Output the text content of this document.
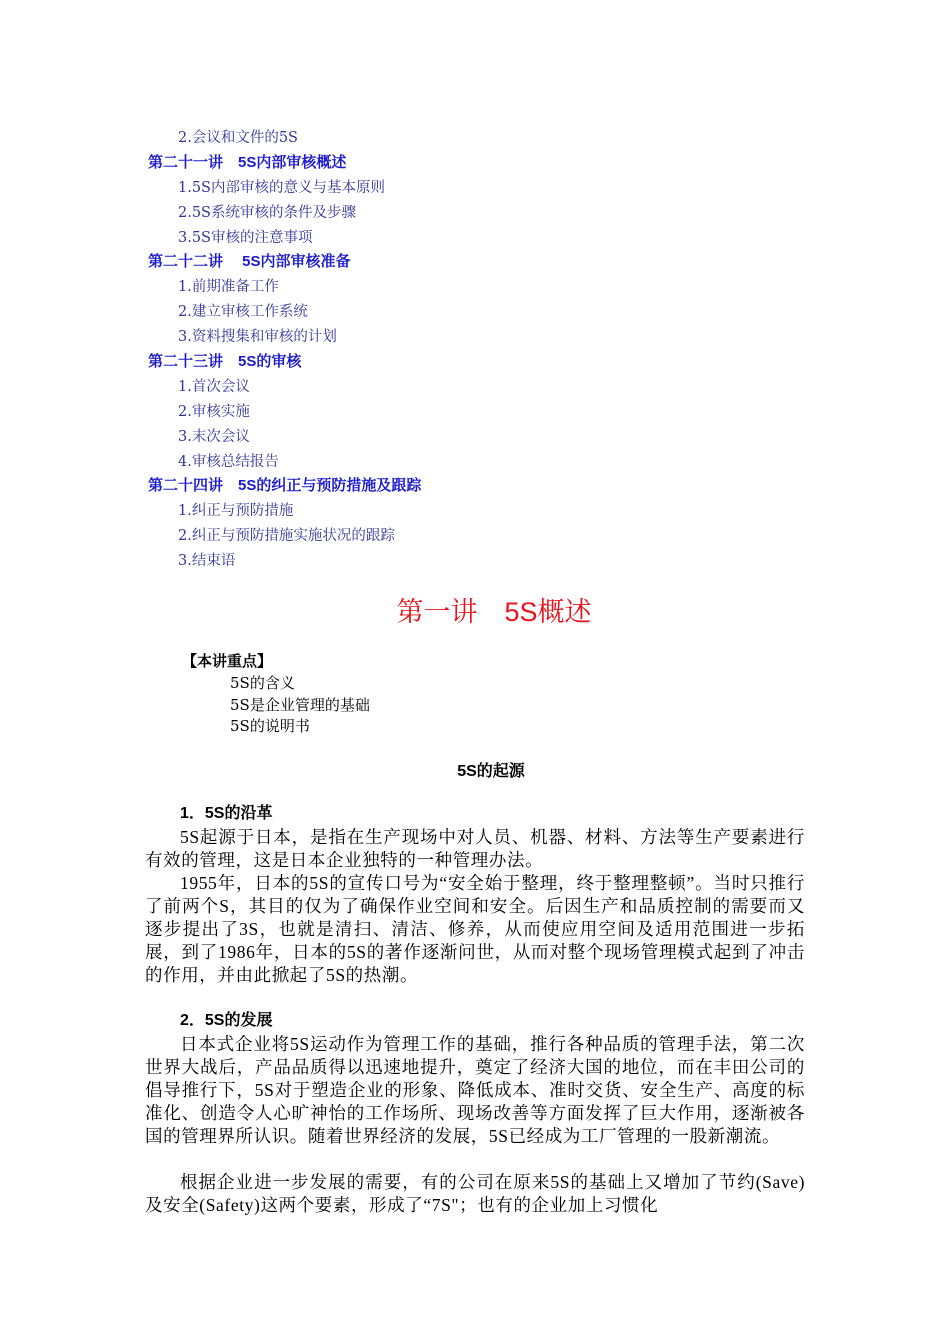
2.会议和文件的5S
第二十一讲　5S内部审核概述
1.5S内部审核的意义与基本原则
2.5S系统审核的条件及步骤
3.5S审核的注意事项
第二十二讲　 5S内部审核准备
1.前期准备工作
2.建立审核工作系统
3.资料搜集和审核的计划
第二十三讲　5S的审核
1.首次会议
2.审核实施
3.末次会议
4.审核总结报告
第二十四讲　5S的纠正与预防措施及跟踪
1.纠正与预防措施
2.纠正与预防措施实施状况的跟踪
3.结束语
第一讲　5S概述
【本讲重点】
5S的含义
5S是企业管理的基础
5S的说明书
5S的起源
1．5S的沿革

5S起源于日本，是指在生产现场中对人员、机器、材料、方法等生产要素进行有效的管理，这是日本企业独特的一种管理办法。

1955年，日本的5S的宣传口号为“安全始于整理，终于整理整顿”。当时只推行了前两个S，其目的仅为了确保作业空间和安全。后因生产和品质控制的需要而又逐步提出了3S，也就是清扫、清洁、修养，从而使应用空间及适用范围进一步拓展，到了1986年，日本的5S的著作逐渐问世，从而对整个现场管理模式起到了冲击的作用，并由此掀起了5S的热潮。

2．5S的发展

日本式企业将5S运动作为管理工作的基础，推行各种品质的管理手法，第二次世界大战后，产品品质得以迅速地提升，奠定了经济大国的地位，而在丰田公司的倡导推行下，5S对于塑造企业的形象、降低成本、准时交货、安全生产、高度的标准化、创造令人心旷神怡的工作场所、现场改善等方面发挥了巨大作用，逐渐被各国的管理界所认识。随着世界经济的发展，5S已经成为工厂管理的一股新潮流。

根据企业进一步发展的需要，有的公司在原来5S的基础上又增加了节约(Save)及安全(Safety)这两个要素，形成了“7S"；也有的企业加上习惯化
